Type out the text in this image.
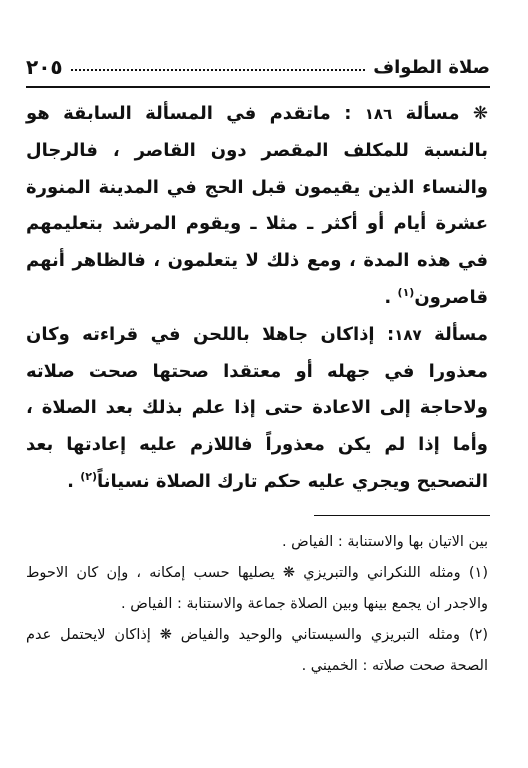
صلاة الطواف
٢٠٥

❋ مسألة ١٨٦ : ماتقدم في المسألة السابقة هو بالنسبة للمكلف المقصر دون القاصر ، فالرجال والنساء الذين يقيمون قبل الحج في المدينة المنورة عشرة أيام أو أكثر ـ مثلا ـ ويقوم المرشد بتعليمهم في هذه المدة ، ومع ذلك لا يتعلمون ، فالظاهر أنهم قاصرون$^{(١)}$ .

مسألة ١٨٧: إذاكان جاهلا باللحن في قراءته وكان معذورا في جهله أو معتقدا صحتها صحت صلاته ولاحاجة إلى الاعادة حتى إذا علم بذلك بعد الصلاة ، وأما إذا لم يكن معذوراً فاللازم عليه إعادتها بعد التصحيح ويجري عليه حكم تارك الصلاة نسياناً$^{(٢)}$ .

بين الاتيان بها والاستنابة : الفياض .

(١) ومثله اللنكراني والتبريزي ❋ يصليها حسب إمكانه ، وإن كان الاحوط والاجدر ان يجمع بينها وبين الصلاة جماعة والاستنابة : الفياض .

(٢) ومثله التبريزي والسيستاني والوحيد والفياض ❋ إذاكان لايحتمل عدم الصحة صحت صلاته : الخميني .
